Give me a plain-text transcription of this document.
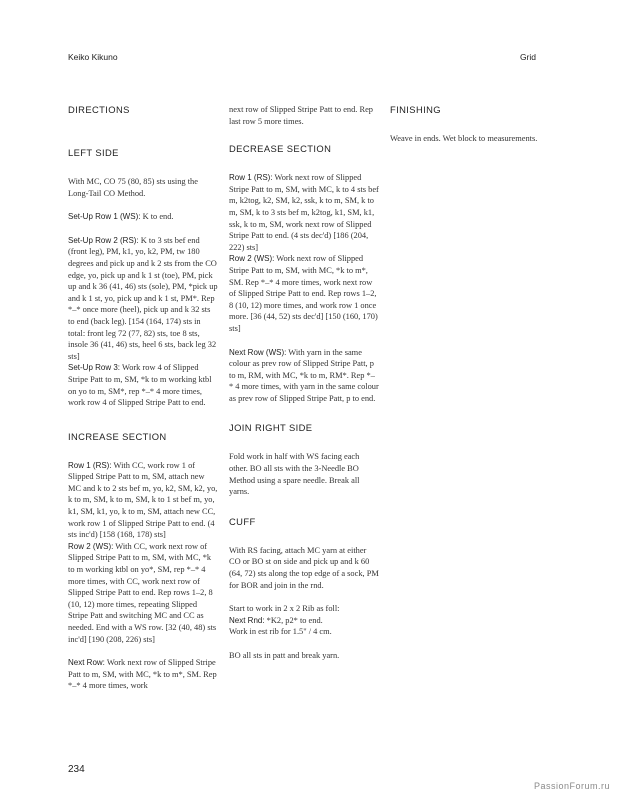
Keiko Kikuno	Grid
DIRECTIONS
LEFT SIDE

With MC, CO 75 (80, 85) sts using the Long-Tail CO Method.

Set-Up Row 1 (WS): K to end.

Set-Up Row 2 (RS): K to 3 sts bef end (front leg), PM, k1, yo, k2, PM, tw 180 degrees and pick up and k 2 sts from the CO edge, yo, pick up and k 1 st (toe), PM, pick up and k 36 (41, 46) sts (sole), PM, *pick up and k 1 st, yo, pick up and k 1 st, PM*. Rep *–* once more (heel), pick up and k 32 sts to end (back leg). [154 (164, 174) sts in total: front leg 72 (77, 82) sts, toe 8 sts, insole 36 (41, 46) sts, heel 6 sts, back leg 32 sts]

Set-Up Row 3: Work row 4 of Slipped Stripe Patt to m, SM, *k to m working ktbl on yo to m, SM*, rep *–* 4 more times, work row 4 of Slipped Stripe Patt to end.

INCREASE SECTION

Row 1 (RS): With CC, work row 1 of Slipped Stripe Patt to m, SM, attach new MC and k to 2 sts bef m, yo, k2, SM, k2, yo, k to m, SM, k to m, SM, k to 1 st bef m, yo, k1, SM, k1, yo, k to m, SM, attach new CC, work row 1 of Slipped Stripe Patt to end. (4 sts inc'd) [158 (168, 178) sts]

Row 2 (WS): With CC, work next row of Slipped Stripe Patt to m, SM, with MC, *k to m working ktbl on yo*, SM, rep *–* 4 more times, with CC, work next row of Slipped Stripe Patt to end. Rep rows 1–2, 8 (10, 12) more times, repeating Slipped Stripe Patt and switching MC and CC as needed. End with a WS row. [32 (40, 48) sts inc'd] [190 (208, 226) sts]

Next Row: Work next row of Slipped Stripe Patt to m, SM, with MC, *k to m*, SM. Rep *–* 4 more times, work

next row of Slipped Stripe Patt to end. Rep last row 5 more times.

DECREASE SECTION

Row 1 (RS): Work next row of Slipped Stripe Patt to m, SM, with MC, k to 4 sts bef m, k2tog, k2, SM, k2, ssk, k to m, SM, k to m, SM, k to 3 sts bef m, k2tog, k1, SM, k1, ssk, k to m, SM, work next row of Slipped Stripe Patt to end. (4 sts dec'd) [186 (204, 222) sts]

Row 2 (WS): Work next row of Slipped Stripe Patt to m, SM, with MC, *k to m*, SM. Rep *–* 4 more times, work next row of Slipped Stripe Patt to end. Rep rows 1–2, 8 (10, 12) more times, and work row 1 once more. [36 (44, 52) sts dec'd] [150 (160, 170) sts]

Next Row (WS): With yarn in the same colour as prev row of Slipped Stripe Patt, p to m, RM, with MC, *k to m, RM*. Rep *–* 4 more times, with yarn in the same colour as prev row of Slipped Stripe Patt, p to end.

JOIN RIGHT SIDE

Fold work in half with WS facing each other. BO all sts with the 3-Needle BO Method using a spare needle. Break all yarns.

CUFF

With RS facing, attach MC yarn at either CO or BO st on side and pick up and k 60 (64, 72) sts along the top edge of a sock, PM for BOR and join in the rnd.

Start to work in 2 x 2 Rib as foll:

Next Rnd: *K2, p2* to end.

Work in est rib for 1.5" / 4 cm.

BO all sts in patt and break yarn.

FINISHING

Weave in ends. Wet block to measurements.

234
PassionForum.ru
